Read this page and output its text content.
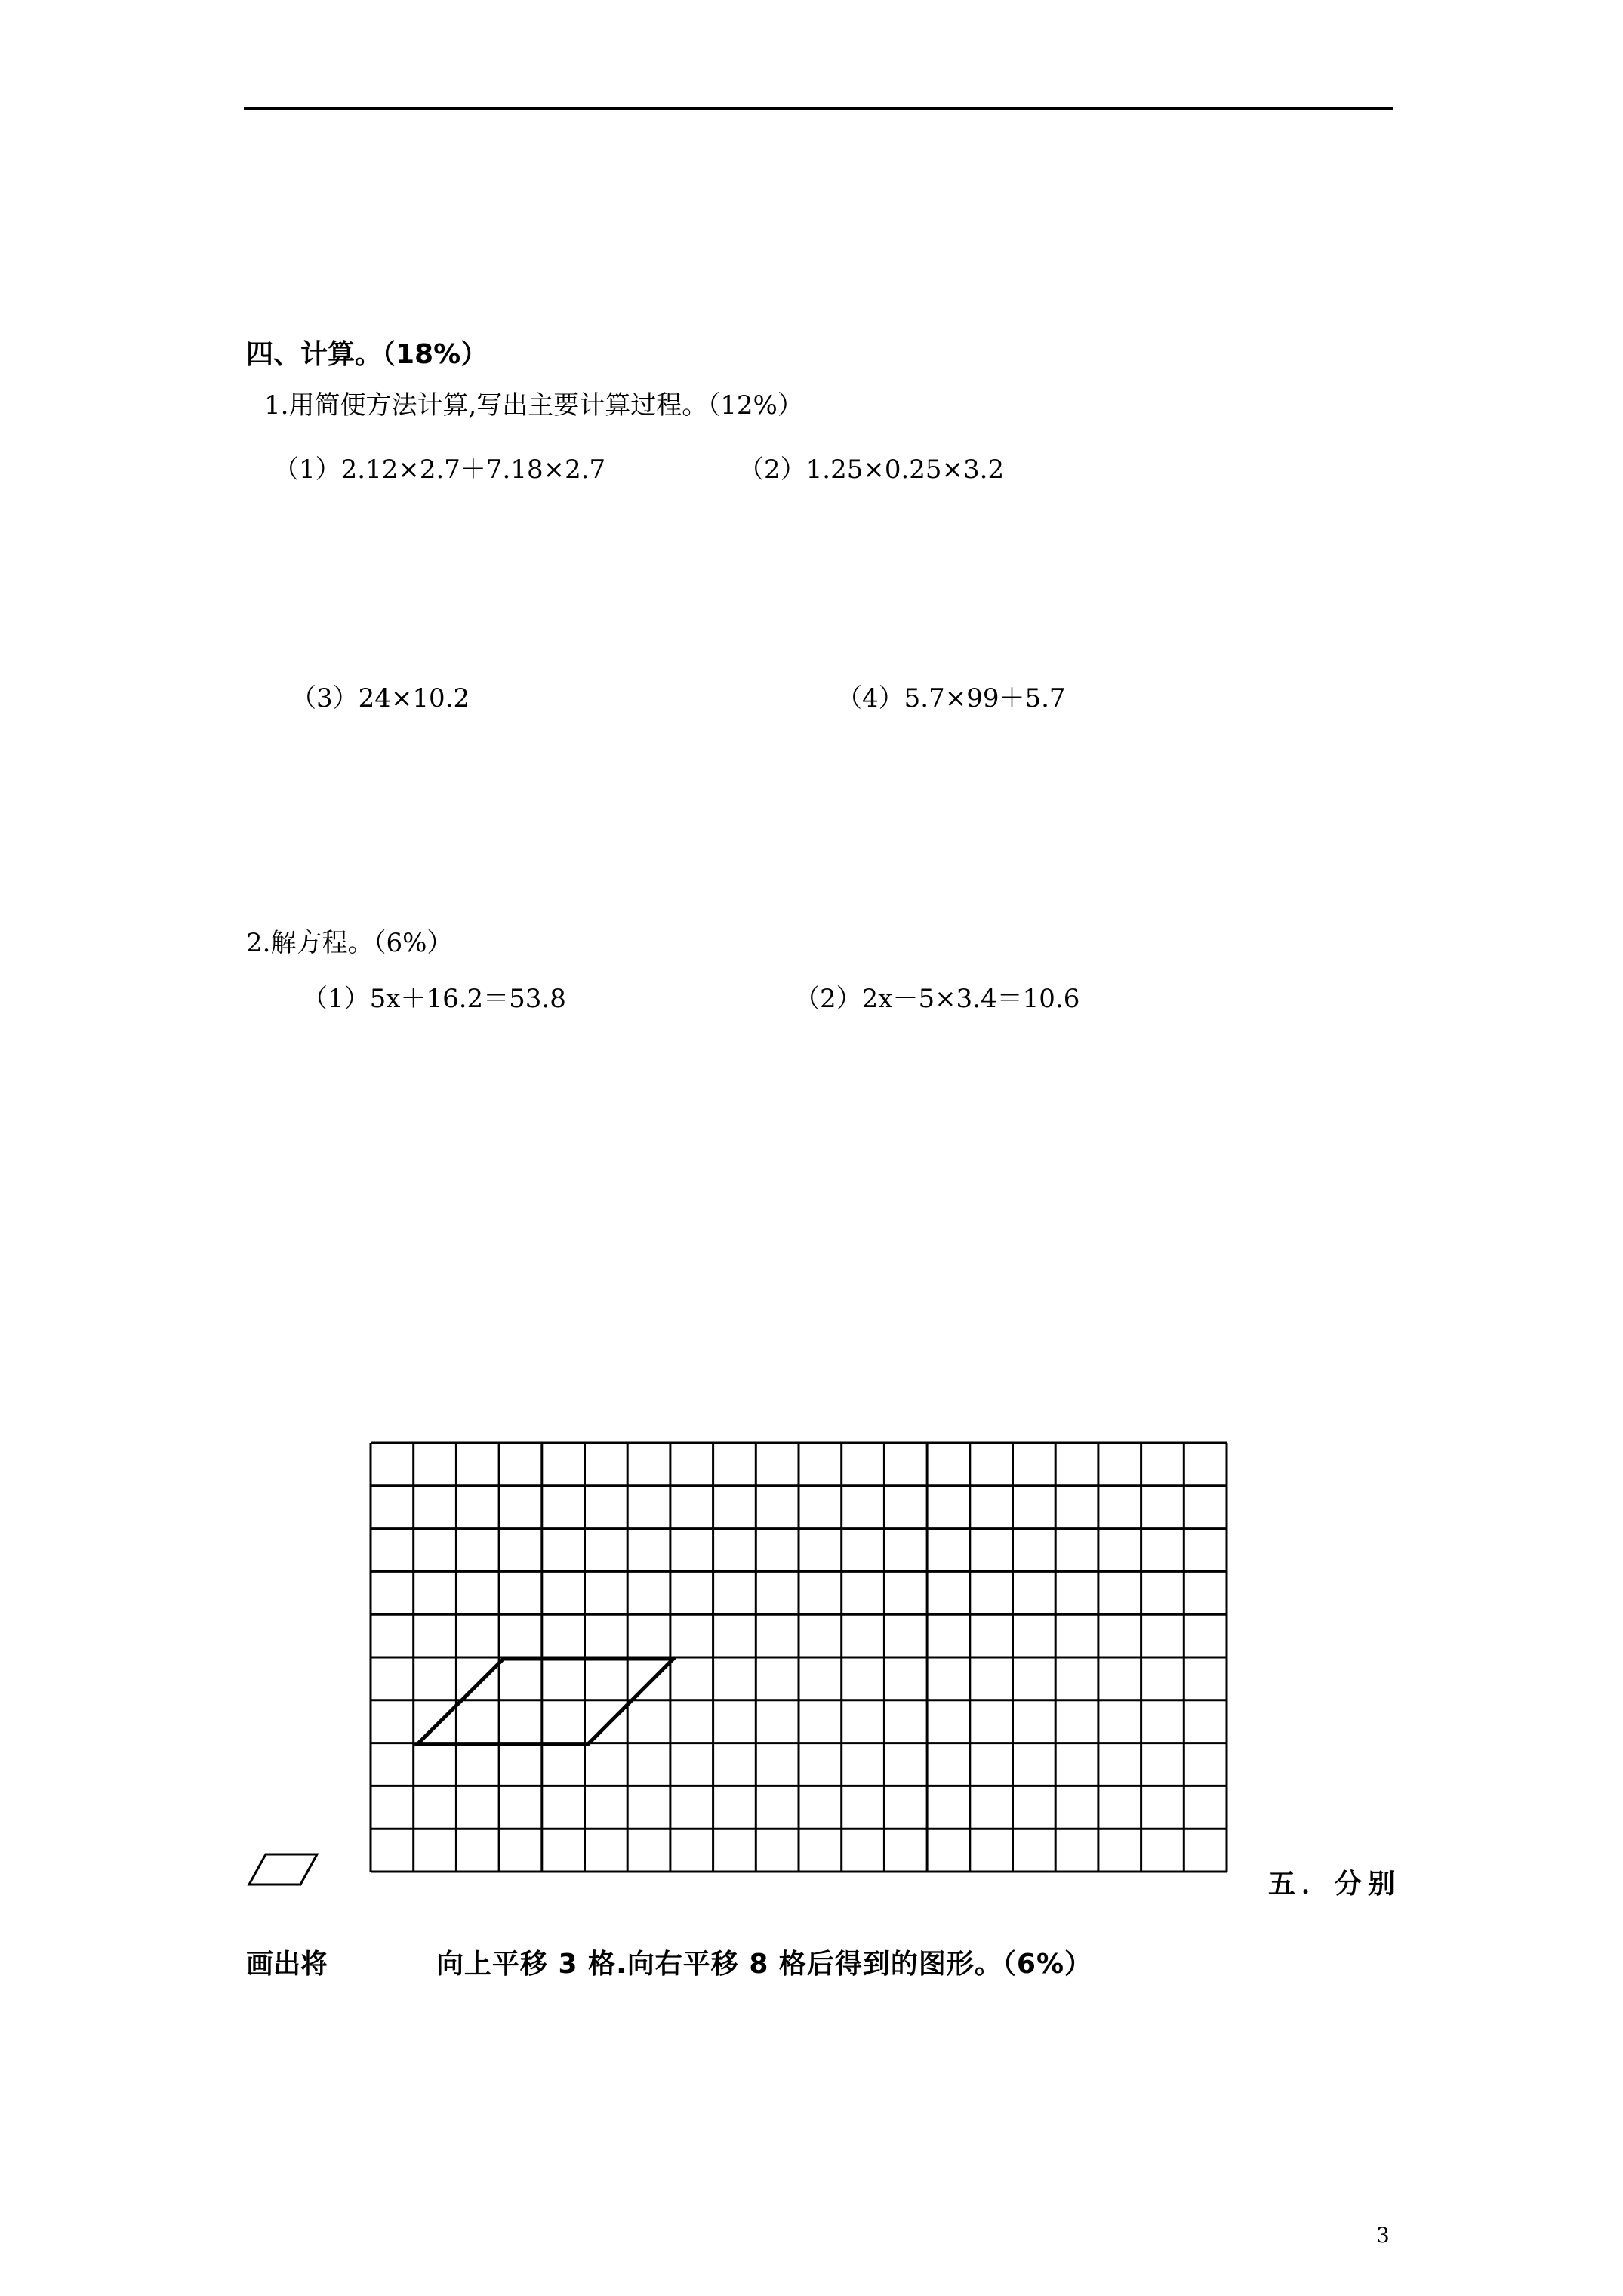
四、计算。（18%）
1.用简便方法计算,写出主要计算过程。（12%）
（1）2.12×2.7＋7.18×2.7	（2）1.25×0.25×3.2
（3）24×10.2	（4）5.7×99＋5.7
2.解方程。（6%）
（1）5x＋16.2＝53.8	（2）2x－5×3.4＝10.6
五．分别
画出将	向上平移 3 格.向右平移 8 格后得到的图形。（6%）
3
